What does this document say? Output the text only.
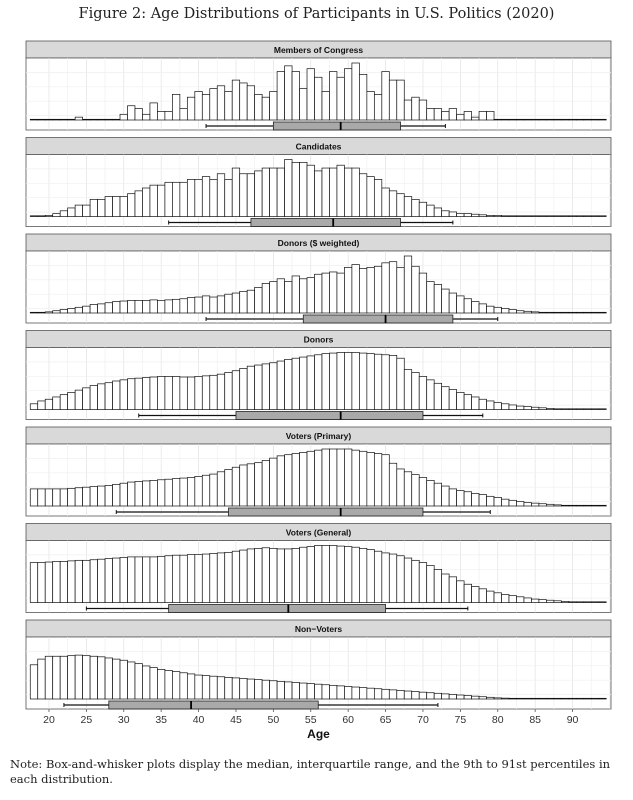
Figure 2: Age Distributions of Participants in U.S. Politics (2020)
Members of Congress
Candidates
Donors ($ weighted)
Donors
Voters (Primary)
Voters (General)
Non−Voters
20 25 30 35 40 45 50 55 60 65 70 75 80 85 90
Age
Note: Box-and-whisker plots display the median, interquartile range, and the 9th to 91st percentiles in each distribution.
